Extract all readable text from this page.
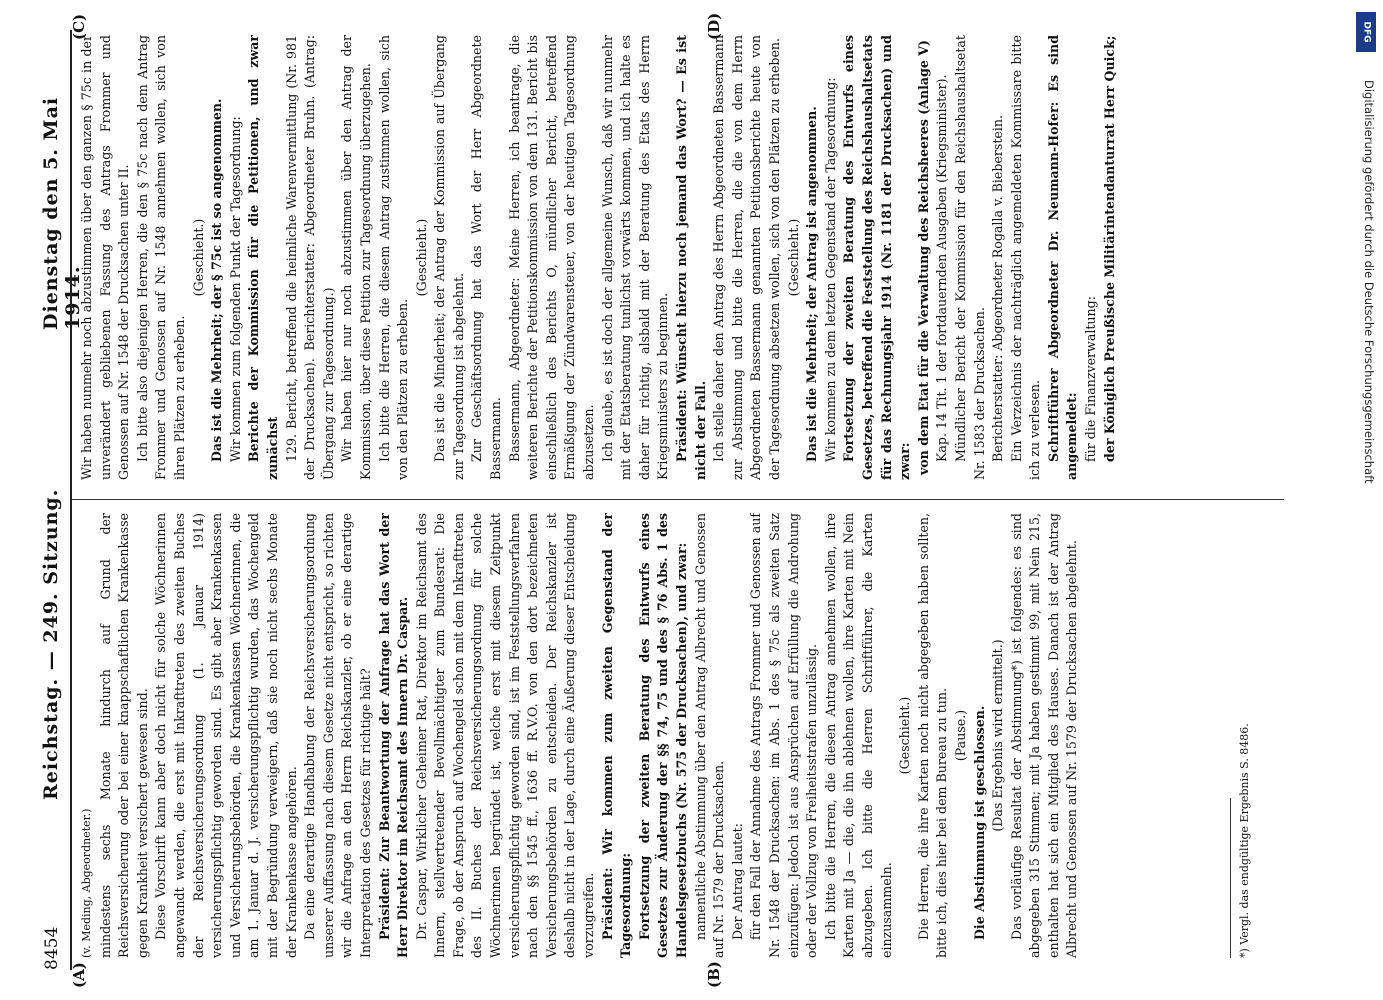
8454
Reichstag. — 249. Sitzung.
Dienstag den 5. Mai 1914.
(A)	(B)
(C)	(D)

(v. Meding, Abgeordneter.) mindestens sechs Monate hindurch auf Grund der Reichsversicherung oder bei einer knappschaftlichen Krankenkasse gegen Krankheit versichert gewesen sind. Diese Vorschrift kann aber doch nicht für solche Wöchnerinnen angewandt werden, die erst mit Inkrafttreten des zweiten Buches der Reichsversicherungsordnung (1. Januar 1914) versicherungspflichtig geworden sind. Es gibt aber Krankenkassen und Versicherungsbehörden, die Krankenkassen Wöchnerinnen, die am 1. Januar d. J. versicherungspflichtig wurden, das Wochengeld mit der Begründung verweigern, daß sie noch nicht sechs Monate der Krankenkasse angehören. Da eine derartige Handhabung der Reichsversicherungsordnung unserer Auffassung nach diesem Gesetze nicht entspricht, so richten wir die Anfrage an den Herrn Reichskanzler, ob er eine derartige Interpretation des Gesetzes für richtige hält? Präsident: Zur Beantwortung der Anfrage hat das Wort der Herr Direktor im Reichsamt des Innern Dr. Caspar. Dr. Caspar, Wirklicher Geheimer Rat, Direktor im Reichsamt des Innern, stellvertretender Bevollmächtigter zum Bundesrat: Die Frage, ob der Anspruch auf Wochengeld schon mit dem Inkrafttreten des II. Buches der Reichsversicherungsordnung für solche Wöchnerinnen begründet ist, welche erst mit diesem Zeitpunkt versicherungspflichtig geworden sind, ist im Feststellungsverfahren nach den §§ 1545 ff., 1636 ff. R.V.O. von den dort bezeichneten Versicherungsbehörden zu entscheiden. Der Reichskanzler ist deshalb nicht in der Lage, durch eine Äußerung dieser Entscheidung vorzugreifen. Präsident: Wir kommen zum zweiten Gegenstand der Tagesordnung: Fortsetzung der zweiten Beratung des Entwurfs eines Gesetzes zur Änderung der §§ 74, 75 und des § 76 Abs. 1 des Handelsgesetzbuchs (Nr. 575 der Drucksachen), und zwar: namentliche Abstimmung über den Antrag Albrecht und Genossen auf Nr. 1579 der Drucksachen. Der Antrag lautet: für den Fall der Annahme des Antrags Frommer und Genossen auf Nr. 1548 der Drucksachen: im Abs. 1 des § 75c als zweiten Satz einzufügen: Jedoch ist aus Ansprüchen auf Erfüllung die Androhung oder der Vollzug von Freiheitsstrafen unzulässig. Ich bitte die Herren, die diesen Antrag annehmen wollen, ihre Karten mit Ja — die, die ihn ablehnen wollen, ihre Karten mit Nein abzugeben. Ich bitte die Herren Schriftführer, die Karten einzusammeln.

(Geschieht.) Die Herren, die ihre Karten noch nicht abgegeben haben sollten, bitte ich, dies hier bei dem Bureau zu tun. (Pause.) Die Abstimmung ist geschlossen. (Das Ergebnis wird ermittelt.) Das vorläufige Resultat der Abstimmung*) ist folgendes: es sind abgegeben 315 Stimmen; mit Ja haben gestimmt 99, mit Nein 215, enthalten hat sich ein Mitglied des Hauses. Danach ist der Antrag Albrecht und Genossen auf Nr. 1579 der Drucksachen abgelehnt.	*) Vergl. das endgültige Ergebnis S. 8486.

Wir haben nunmehr noch abzustimmen über den ganzen § 75c in der unverändert gebliebenen Fassung des Antrags Frommer und Genossen auf Nr. 1548 der Drucksachen unter II. Ich bitte also diejenigen Herren, die den § 75c nach dem Antrag Frommer und Genossen auf Nr. 1548 annehmen wollen, sich von ihren Plätzen zu erheben.

(Geschieht.) Das ist die Mehrheit; der § 75c ist so angenommen. Wir kommen zum folgenden Punkt der Tagesordnung: Berichte der Kommission für die Petitionen, und zwar zunächst 129. Bericht, betreffend die heimliche Warenvermittlung (Nr. 981 der Drucksachen). Berichterstatter: Abgeordneter Bruhn. (Antrag: Übergang zur Tagesordnung.) Wir haben hier nur noch abzustimmen über den Antrag der Kommission, über diese Petition zur Tagesordnung überzugehen. Ich bitte die Herren, die diesem Antrag zustimmen wollen, sich von den Plätzen zu erheben.

(Geschieht.) Das ist die Minderheit; der Antrag der Kommission auf Übergang zur Tagesordnung ist abgelehnt. Zur Geschäftsordnung hat das Wort der Herr Abgeordnete Bassermann. Bassermann, Abgeordneter: Meine Herren, ich beantrage, die weiteren Berichte der Petitionskommission von dem 131. Bericht bis einschließlich des Berichts O, mündlicher Bericht, betreffend Ermäßigung der Zündwarensteuer, von der heutigen Tagesordnung abzusetzen. Ich glaube, es ist doch der allgemeine Wunsch, daß wir nunmehr mit der Etatsberatung tunlichst vorwärts kommen, und ich halte es daher für richtig, alsbald mit der Beratung des Etats des Herrn Kriegsministers zu beginnen. Präsident: Wünscht hierzu noch jemand das Wort? — Es ist nicht der Fall. Ich stelle daher den Antrag des Herrn Abgeordneten Bassermann zur Abstimmung und bitte die Herren, die die von dem Herrn Abgeordneten Bassermann genannten Petitionsberichte heute von der Tagesordnung absetzen wollen, sich von den Plätzen zu erheben. (Geschieht.) Das ist die Mehrheit; der Antrag ist angenommen. Wir kommen zu dem letzten Gegenstand der Tagesordnung: Fortsetzung der zweiten Beratung des Entwurfs eines Gesetzes, betreffend die Feststellung des Reichshaushaltsetats für das Rechnungsjahr 1914 (Nr. 1181 der Drucksachen) und zwar: von dem Etat für die Verwaltung des Reichsheeres (Anlage V) Kap. 14 Tit. 1 der fortdauernden Ausgaben (Kriegsminister). Mündlicher Bericht der Kommission für den Reichshaushaltsetat Nr. 1583 der Drucksachen. Berichterstatter: Abgeordneter Rogalla v. Bieberstein. Ein Verzeichnis der nachträglich angemeldeten Kommissare bitte ich zu verlesen. Schriftführer Abgeordneter Dr. Neumann-Hofer: Es sind angemeldet: für die Finanzverwaltung: der Königlich Preußische Militärintendanturrat Herr Quick;

DFG
Digitalisierung gefördert durch die Deutsche Forschungsgemeinschaft
